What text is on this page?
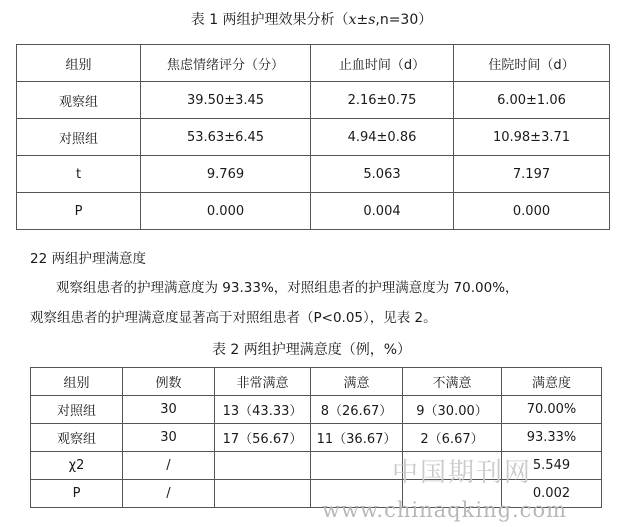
表 1 两组护理效果分析（x±s,n=30）
组别	焦虑情绪评分（分）	止血时间（d）	住院时间（d）
观察组	39.50±3.45	2.16±0.75	6.00±1.06
对照组	53.63±6.45	4.94±0.86	10.98±3.71
t	9.769	5.063	7.197
P	0.000	0.004	0.000
22 两组护理满意度
观察组患者的护理满意度为 93.33%，对照组患者的护理满意度为 70.00%，
观察组患者的护理满意度显著高于对照组患者（P<0.05），见表 2。
表 2 两组护理满意度（例，%）
组别	例数	非常满意	满意	不满意	满意度
对照组	30	13（43.33）	8（26.67）	9（30.00）	70.00%
观察组	30	17（56.67）	11（36.67）	2（6.67）	93.33%
χ2	/				5.549
P	/				0.002
中国期刊网
www.chinaqking.com
